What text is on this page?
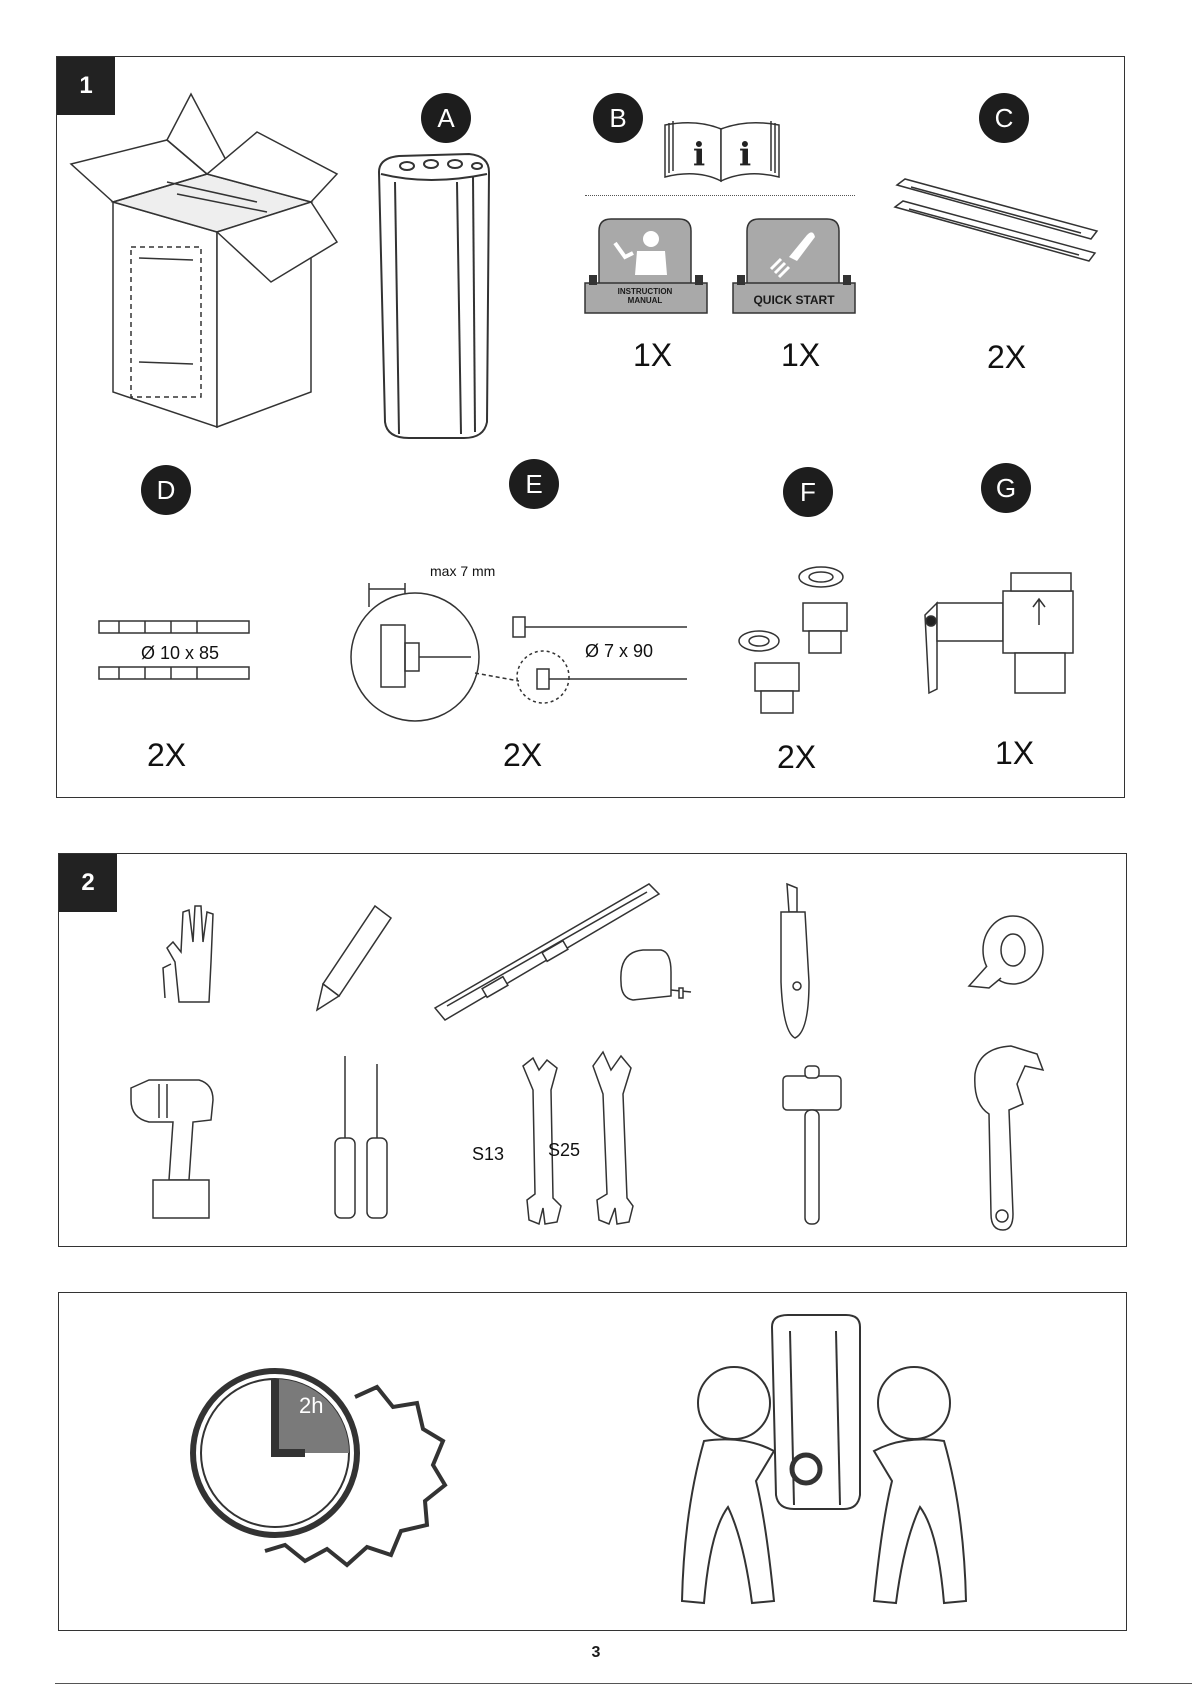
1
A	B
i i
INSTRUCTION MANUAL	QUICK START
1X	1X
C
2X
D
Ø 10 x 85
2X
E
max 7 mm
Ø 7 x 90
2X
F
2X
G
1X
2
S13 S25
2h
3
